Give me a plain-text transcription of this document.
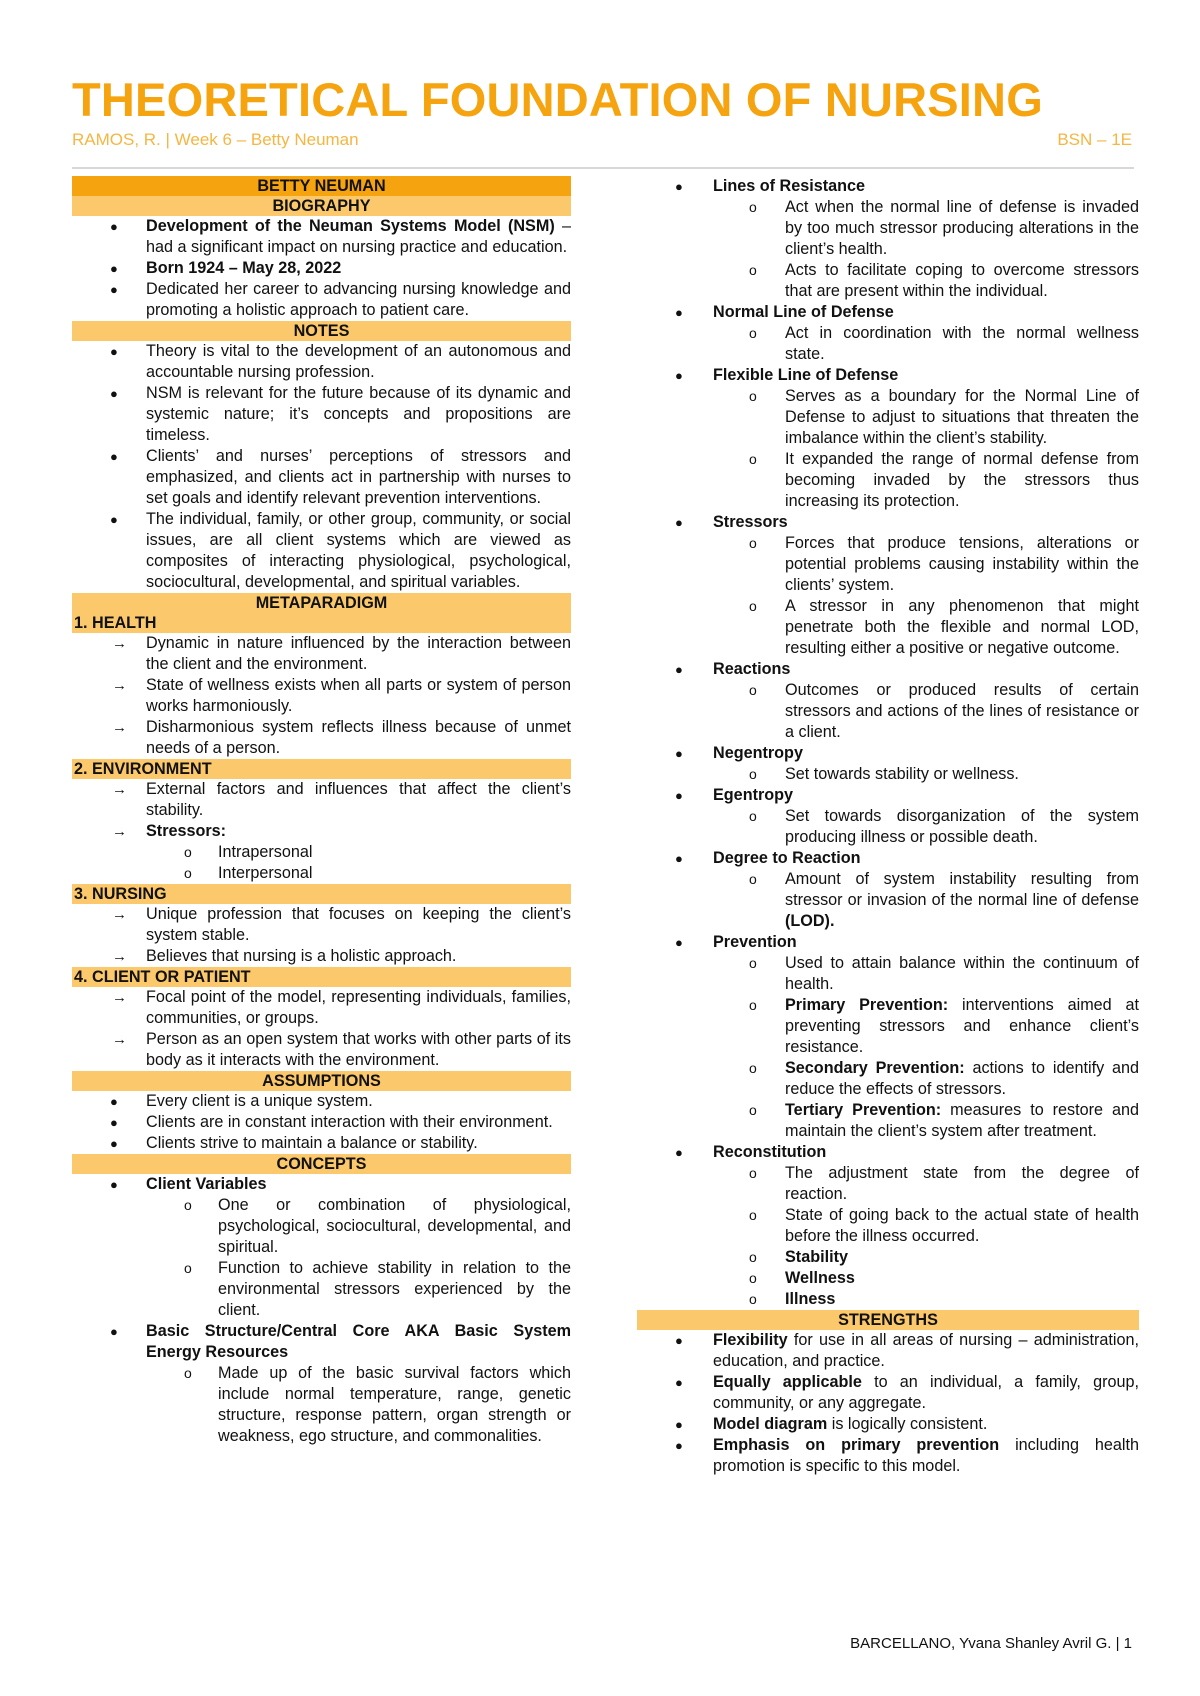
THEORETICAL FOUNDATION OF NURSING
RAMOS, R. | Week 6 – Betty Neuman	BSN – 1E
BETTY NEUMAN
BIOGRAPHY
● Development of the Neuman Systems Model (NSM) – had a significant impact on nursing practice and education.
● Born 1924 – May 28, 2022
● Dedicated her career to advancing nursing knowledge and promoting a holistic approach to patient care.
NOTES
● Theory is vital to the development of an autonomous and accountable nursing profession.
● NSM is relevant for the future because of its dynamic and systemic nature; it’s concepts and propositions are timeless.
● Clients’ and nurses’ perceptions of stressors and emphasized, and clients act in partnership with nurses to set goals and identify relevant prevention interventions.
● The individual, family, or other group, community, or social issues, are all client systems which are viewed as composites of interacting physiological, psychological, sociocultural, developmental, and spiritual variables.
METAPARADIGM
1. HEALTH
→ Dynamic in nature influenced by the interaction between the client and the environment.
→ State of wellness exists when all parts or system of person works harmoniously.
→ Disharmonious system reflects illness because of unmet needs of a person.
2. ENVIRONMENT
→ External factors and influences that affect the client’s stability.
→ Stressors:
o Intrapersonal
o Interpersonal
3. NURSING
→ Unique profession that focuses on keeping the client’s system stable.
→ Believes that nursing is a holistic approach.
4. CLIENT OR PATIENT
→ Focal point of the model, representing individuals, families, communities, or groups.
→ Person as an open system that works with other parts of its body as it interacts with the environment.
ASSUMPTIONS
● Every client is a unique system.
● Clients are in constant interaction with their environment.
● Clients strive to maintain a balance or stability.
CONCEPTS
● Client Variables
o One or combination of physiological, psychological, sociocultural, developmental, and spiritual.
o Function to achieve stability in relation to the environmental stressors experienced by the client.
● Basic Structure/Central Core AKA Basic System Energy Resources
o Made up of the basic survival factors which include normal temperature, range, genetic structure, response pattern, organ strength or weakness, ego structure, and commonalities.
● Lines of Resistance
o Act when the normal line of defense is invaded by too much stressor producing alterations in the client’s health.
o Acts to facilitate coping to overcome stressors that are present within the individual.
● Normal Line of Defense
o Act in coordination with the normal wellness state.
● Flexible Line of Defense
o Serves as a boundary for the Normal Line of Defense to adjust to situations that threaten the imbalance within the client’s stability.
o It expanded the range of normal defense from becoming invaded by the stressors thus increasing its protection.
● Stressors
o Forces that produce tensions, alterations or potential problems causing instability within the clients’ system.
o A stressor in any phenomenon that might penetrate both the flexible and normal LOD, resulting either a positive or negative outcome.
● Reactions
o Outcomes or produced results of certain stressors and actions of the lines of resistance or a client.
● Negentropy
o Set towards stability or wellness.
● Egentropy
o Set towards disorganization of the system producing illness or possible death.
● Degree to Reaction
o Amount of system instability resulting from stressor or invasion of the normal line of defense (LOD).
● Prevention
o Used to attain balance within the continuum of health.
o Primary Prevention: interventions aimed at preventing stressors and enhance client’s resistance.
o Secondary Prevention: actions to identify and reduce the effects of stressors.
o Tertiary Prevention: measures to restore and maintain the client’s system after treatment.
● Reconstitution
o The adjustment state from the degree of reaction.
o State of going back to the actual state of health before the illness occurred.
o Stability
o Wellness
o Illness
STRENGTHS
● Flexibility for use in all areas of nursing – administration, education, and practice.
● Equally applicable to an individual, a family, group, community, or any aggregate.
● Model diagram is logically consistent.
● Emphasis on primary prevention including health promotion is specific to this model.
BARCELLANO, Yvana Shanley Avril G. | 1
